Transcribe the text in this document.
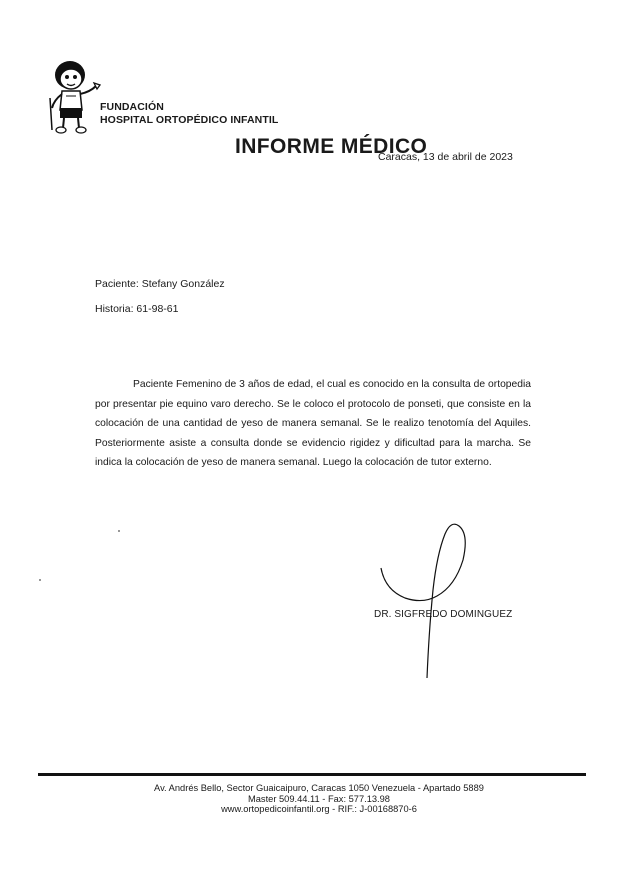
FUNDACIÓN
HOSPITAL ORTOPÉDICO INFANTIL
INFORME MÉDICO
Caracas, 13 de abril de 2023
Paciente: Stefany González
Historia: 61-98-61
Paciente Femenino de 3 años de edad, el cual es conocido en la consulta de ortopedia por presentar pie equino varo derecho. Se le coloco el protocolo de ponseti, que consiste en la colocación de una cantidad de yeso de manera semanal. Se le realizo tenotomía del Aquiles. Posteriormente asiste a consulta donde se evidencio rigidez y dificultad para la marcha. Se indica la colocación de yeso de manera semanal. Luego la colocación de tutor externo.
DR. SIGFREDO DOMINGUEZ
Av. Andrés Bello, Sector Guaicaipuro, Caracas 1050 Venezuela - Apartado 5889
Master 509.44.11 - Fax: 577.13.98
www.ortopedicoinfantil.org - RIF.: J-00168870-6
